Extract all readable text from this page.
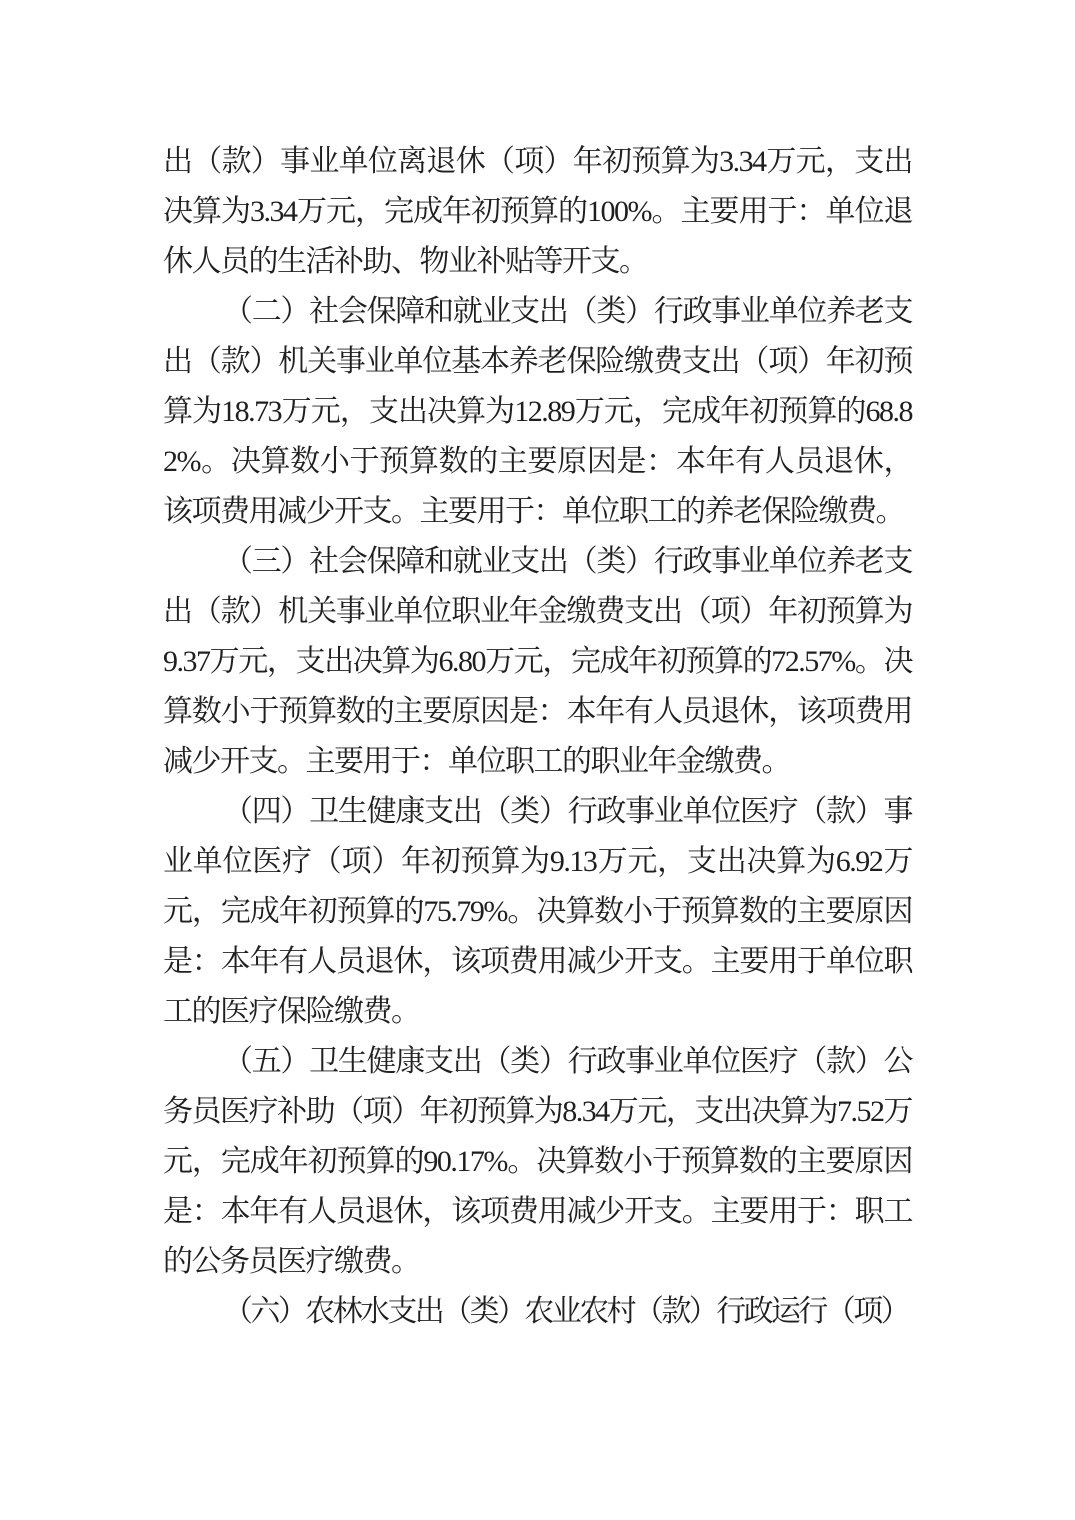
出（款）事业单位离退休（项）年初预算为3.34万元，支出决算为3.34万元，完成年初预算的100%。主要用于：单位退休人员的生活补助、物业补贴等开支。

（二）社会保障和就业支出（类）行政事业单位养老支出（款）机关事业单位基本养老保险缴费支出（项）年初预算为18.73万元，支出决算为12.89万元，完成年初预算的68.82%。决算数小于预算数的主要原因是：本年有人员退休，该项费用减少开支。主要用于：单位职工的养老保险缴费。

（三）社会保障和就业支出（类）行政事业单位养老支出（款）机关事业单位职业年金缴费支出（项）年初预算为9.37万元，支出决算为6.80万元，完成年初预算的72.57%。决算数小于预算数的主要原因是：本年有人员退休，该项费用减少开支。主要用于：单位职工的职业年金缴费。

（四）卫生健康支出（类）行政事业单位医疗（款）事业单位医疗（项）年初预算为9.13万元，支出决算为6.92万元，完成年初预算的75.79%。决算数小于预算数的主要原因是：本年有人员退休，该项费用减少开支。主要用于单位职工的医疗保险缴费。

（五）卫生健康支出（类）行政事业单位医疗（款）公务员医疗补助（项）年初预算为8.34万元，支出决算为7.52万元，完成年初预算的90.17%。决算数小于预算数的主要原因是：本年有人员退休，该项费用减少开支。主要用于：职工的公务员医疗缴费。

（六）农林水支出（类）农业农村（款）行政运行（项）
